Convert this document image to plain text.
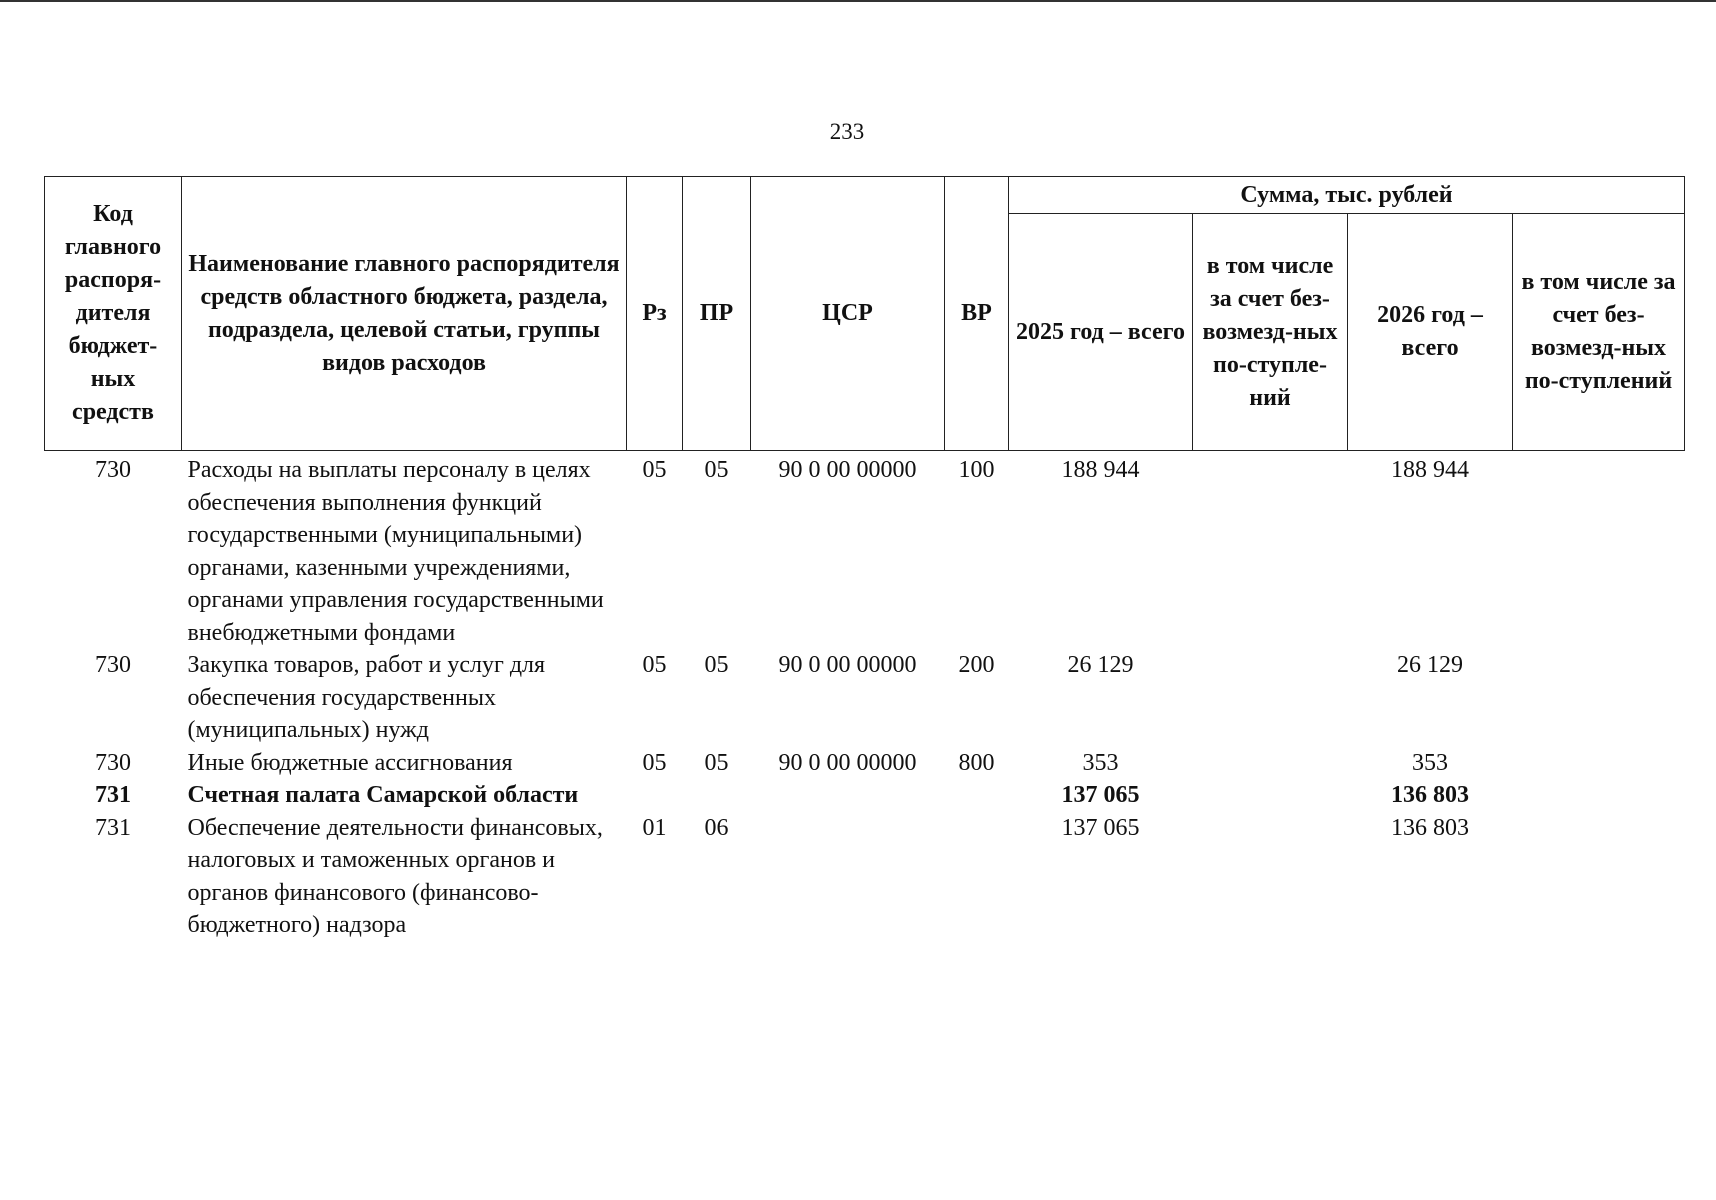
233
Код главного распоря-дителя бюджет-ных средств	Наименование главного распорядителя средств областного бюджета, раздела, подраздела, целевой статьи, группы видов расходов	Рз	ПР	ЦСР	ВР	Сумма, тыс. рублей			
						2025 год – всего	в том числе за счет без-возмезд-ных по-ступле-ний	2026 год – всего	в том числе за счет без-возмезд-ных по-ступлений
730	Расходы на выплаты персоналу в целях обеспечения выполнения функций государственными (муниципальными) органами, казенными учреждениями, органами управления государственными внебюджетными фондами	05	05	90 0 00 00000	100	188 944		188 944	
730	Закупка товаров, работ и услуг для обеспечения государственных (муниципальных) нужд	05	05	90 0 00 00000	200	26 129		26 129	
730	Иные бюджетные ассигнования	05	05	90 0 00 00000	800	353		353	
731	Счетная палата Самарской области					137 065		136 803	
731	Обеспечение деятельности финансовых, налоговых и таможенных органов и органов финансового (финансово-бюджетного) надзора	01	06			137 065		136 803	
